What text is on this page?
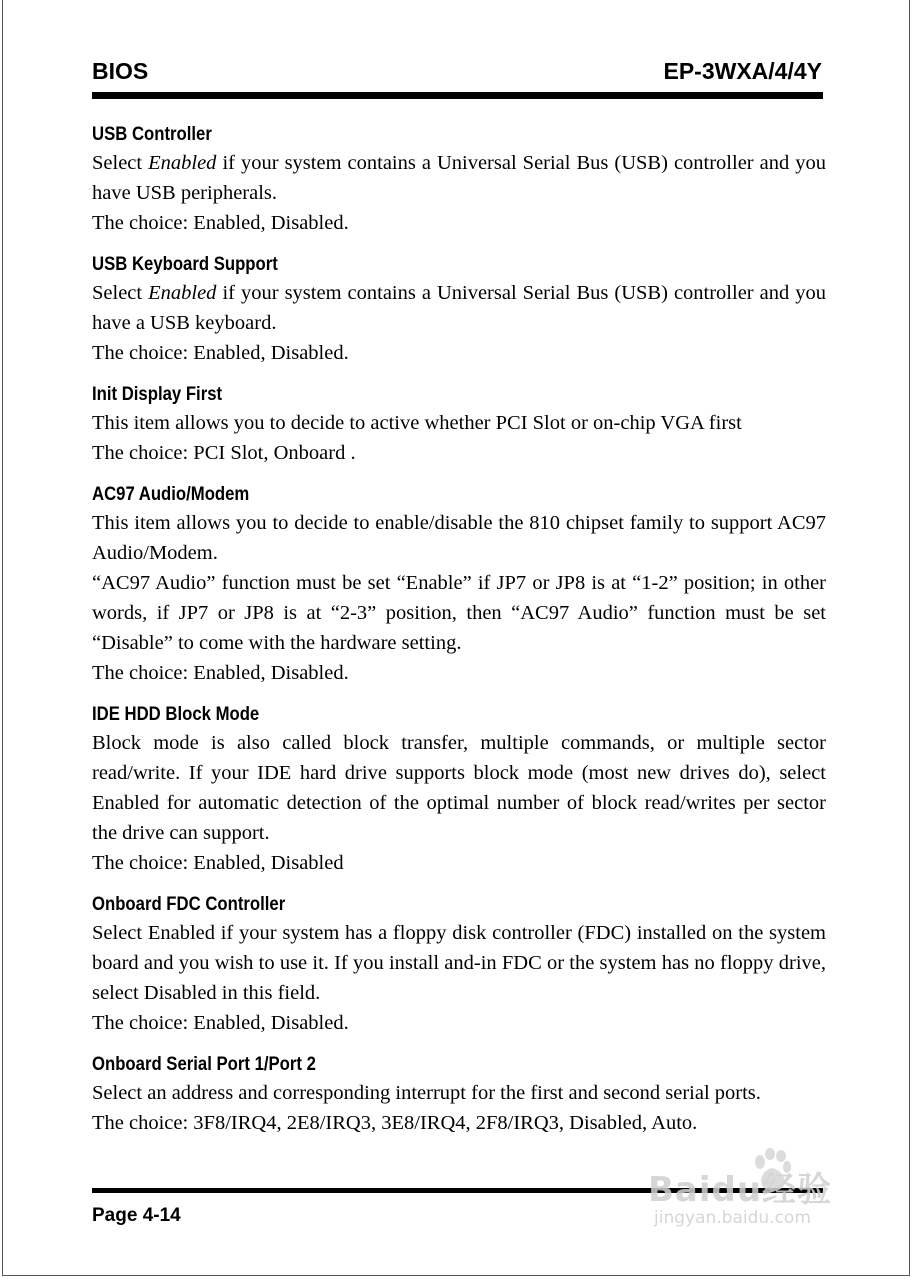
BIOS	EP-3WXA/4/4Y
USB Controller

Select Enabled if your system contains a Universal Serial Bus (USB) controller and you have USB peripherals.

The choice: Enabled, Disabled.

USB Keyboard Support

Select Enabled if your system contains a Universal Serial Bus (USB) controller and you have a USB keyboard.

The choice: Enabled, Disabled.

Init Display First

This item allows you to decide to active whether PCI Slot or on-chip VGA first

The choice: PCI Slot, Onboard .

AC97 Audio/Modem

This item allows you to decide to enable/disable the 810 chipset family to support AC97 Audio/Modem.

“AC97 Audio” function must be set “Enable” if JP7 or JP8 is at “1-2” position; in other words, if JP7 or JP8 is at “2-3” position, then “AC97 Audio” function must be set “Disable” to come with the hardware setting.

The choice: Enabled, Disabled.

IDE HDD Block Mode

Block mode is also called block transfer, multiple commands, or multiple sector read/write. If your IDE hard drive supports block mode (most new drives do), select Enabled for automatic detection of the optimal number of block read/writes per sector the drive can support.

The choice: Enabled, Disabled

Onboard FDC Controller

Select Enabled if your system has a floppy disk controller (FDC) installed on the system board and you wish to use it. If you install and-in FDC or the system has no floppy drive, select Disabled in this field.

The choice: Enabled, Disabled.

Onboard Serial Port 1/Port 2

Select an address and corresponding interrupt for the first and second serial ports.

The choice: 3F8/IRQ4, 2E8/IRQ3, 3E8/IRQ4, 2F8/IRQ3, Disabled, Auto.

Page 4-14
Baidu经验
jingyan.baidu.com
